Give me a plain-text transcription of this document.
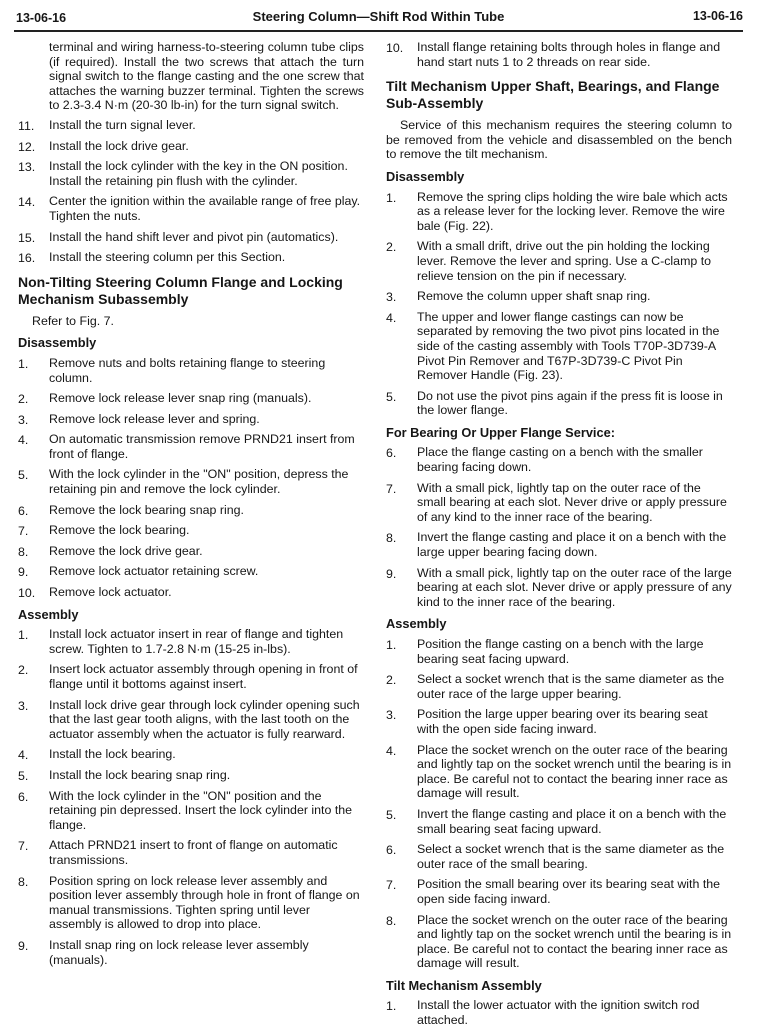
13-06-16	Steering Column—Shift Rod Within Tube	13-06-16

terminal and wiring harness-to-steering column tube clips (if required). Install the two screws that attach the turn signal switch to the flange casting and the one screw that attaches the warning buzzer terminal. Tighten the screws to 2.3-3.4 N·m (20-30 lb-in) for the turn signal switch.

11. Install the turn signal lever.
12. Install the lock drive gear.
13. Install the lock cylinder with the key in the ON position. Install the retaining pin flush with the cylinder.
14. Center the ignition within the available range of free play. Tighten the nuts.
15. Install the hand shift lever and pivot pin (automatics).
16. Install the steering column per this Section.
Non-Tilting Steering Column Flange and Locking Mechanism Subassembly

Refer to Fig. 7.

Disassembly
1. Remove nuts and bolts retaining flange to steering column.
2. Remove lock release lever snap ring (manuals).
3. Remove lock release lever and spring.
4. On automatic transmission remove PRND21 insert from front of flange.
5. With the lock cylinder in the "ON" position, depress the retaining pin and remove the lock cylinder.
6. Remove the lock bearing snap ring.
7. Remove the lock bearing.
8. Remove the lock drive gear.
9. Remove lock actuator retaining screw.
10. Remove lock actuator.
Assembly
1. Install lock actuator insert in rear of flange and tighten screw. Tighten to 1.7-2.8 N·m (15-25 in-lbs).
2. Insert lock actuator assembly through opening in front of flange until it bottoms against insert.
3. Install lock drive gear through lock cylinder opening such that the last gear tooth aligns, with the last tooth on the actuator assembly when the actuator is fully rearward.
4. Install the lock bearing.
5. Install the lock bearing snap ring.
6. With the lock cylinder in the "ON" position and the retaining pin depressed. Insert the lock cylinder into the flange.
7. Attach PRND21 insert to front of flange on automatic transmissions.
8. Position spring on lock release lever assembly and position lever assembly through hole in front of flange on manual transmissions. Tighten spring until lever assembly is allowed to drop into place.
9. Install snap ring on lock release lever assembly (manuals).
10. Install flange retaining bolts through holes in flange and hand start nuts 1 to 2 threads on rear side.
Tilt Mechanism Upper Shaft, Bearings, and Flange Sub-Assembly

Service of this mechanism requires the steering column to be removed from the vehicle and disassembled on the bench to remove the tilt mechanism.

Disassembly
1. Remove the spring clips holding the wire bale which acts as a release lever for the locking lever. Remove the wire bale (Fig. 22).
2. With a small drift, drive out the pin holding the locking lever. Remove the lever and spring. Use a C-clamp to relieve tension on the pin if necessary.
3. Remove the column upper shaft snap ring.
4. The upper and lower flange castings can now be separated by removing the two pivot pins located in the side of the casting assembly with Tools T70P-3D739-A Pivot Pin Remover and T67P-3D739-C Pivot Pin Remover Handle (Fig. 23).
5. Do not use the pivot pins again if the press fit is loose in the lower flange.
For Bearing Or Upper Flange Service:
6. Place the flange casting on a bench with the smaller bearing facing down.
7. With a small pick, lightly tap on the outer race of the small bearing at each slot. Never drive or apply pressure of any kind to the inner race of the bearing.
8. Invert the flange casting and place it on a bench with the large upper bearing facing down.
9. With a small pick, lightly tap on the outer race of the large bearing at each slot. Never drive or apply pressure of any kind to the inner race of the bearing.
Assembly
1. Position the flange casting on a bench with the large bearing seat facing upward.
2. Select a socket wrench that is the same diameter as the outer race of the large upper bearing.
3. Position the large upper bearing over its bearing seat with the open side facing inward.
4. Place the socket wrench on the outer race of the bearing and lightly tap on the socket wrench until the bearing is in place. Be careful not to contact the bearing inner race as damage will result.
5. Invert the flange casting and place it on a bench with the small bearing seat facing upward.
6. Select a socket wrench that is the same diameter as the outer race of the small bearing.
7. Position the small bearing over its bearing seat with the open side facing inward.
8. Place the socket wrench on the outer race of the bearing and lightly tap on the socket wrench until the bearing is in place. Be careful not to contact the bearing inner race as damage will result.
Tilt Mechanism Assembly
1. Install the lower actuator with the ignition switch rod attached.
